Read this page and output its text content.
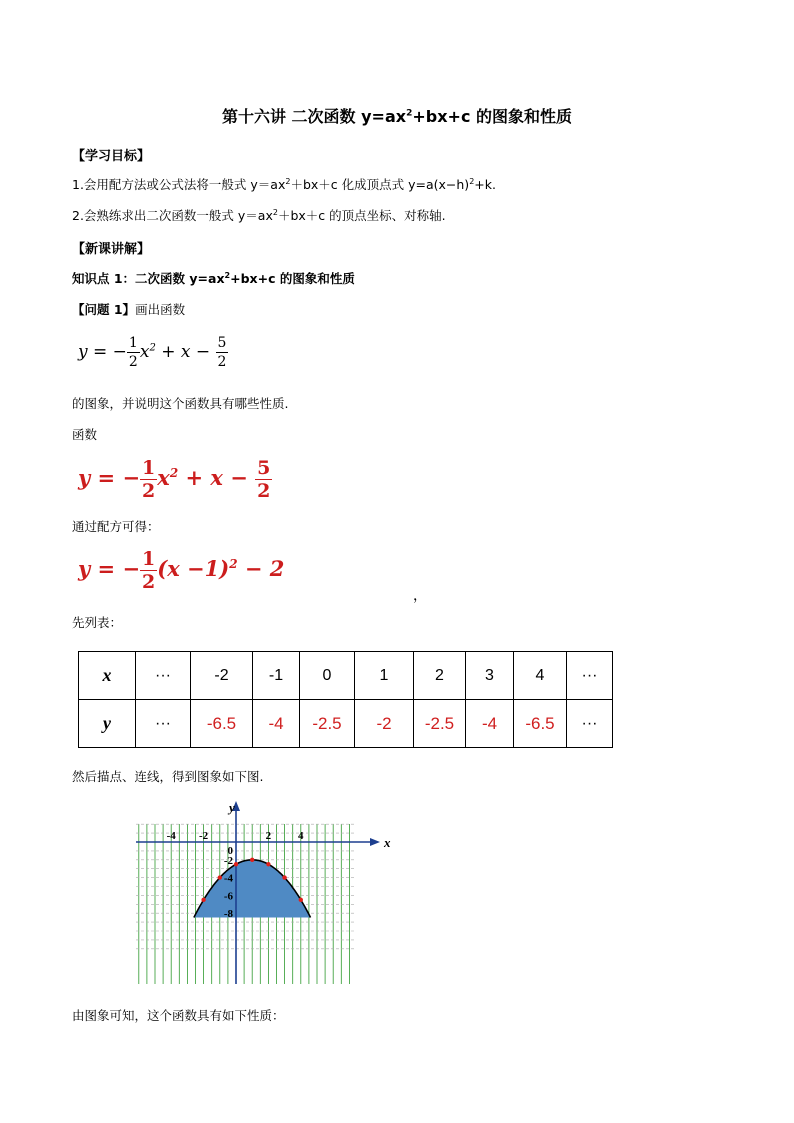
第十六讲 二次函数 $y=ax^2+bx+c$ 的图象和性质
【学习目标】
1.会用配方法或公式法将一般式 $y=ax^2+bx+c$ 化成顶点式 $y=a(x-h)^2+k$.
2.会熟练求出二次函数一般式 $y=ax^2+bx+c$ 的顶点坐标、对称轴.
【新课讲解】
知识点 1：二次函数 $y=ax^2+bx+c$ 的图象和性质
【问题 1】画出函数
y = − $\frac{1}{2} x^2 + x - \frac{5}{2}$
的图象，并说明这个函数具有哪些性质.
函数
y = − $\frac{1}{2} x^2 + x - \frac{5}{2}$
通过配方可得：
y = − $\frac{1}{2} (x -1)^2 - 2$
，
先列表：
x	···	-2	-1	0	1	2	3	4	···
y	···	-6.5	-4	-2.5	-2	-2.5	-4	-6.5	···
然后描点、连线，得到图象如下图.
x
y
-4 -2	2 4
0
-2
-4
-6
-8
由图象可知，这个函数具有如下性质：
